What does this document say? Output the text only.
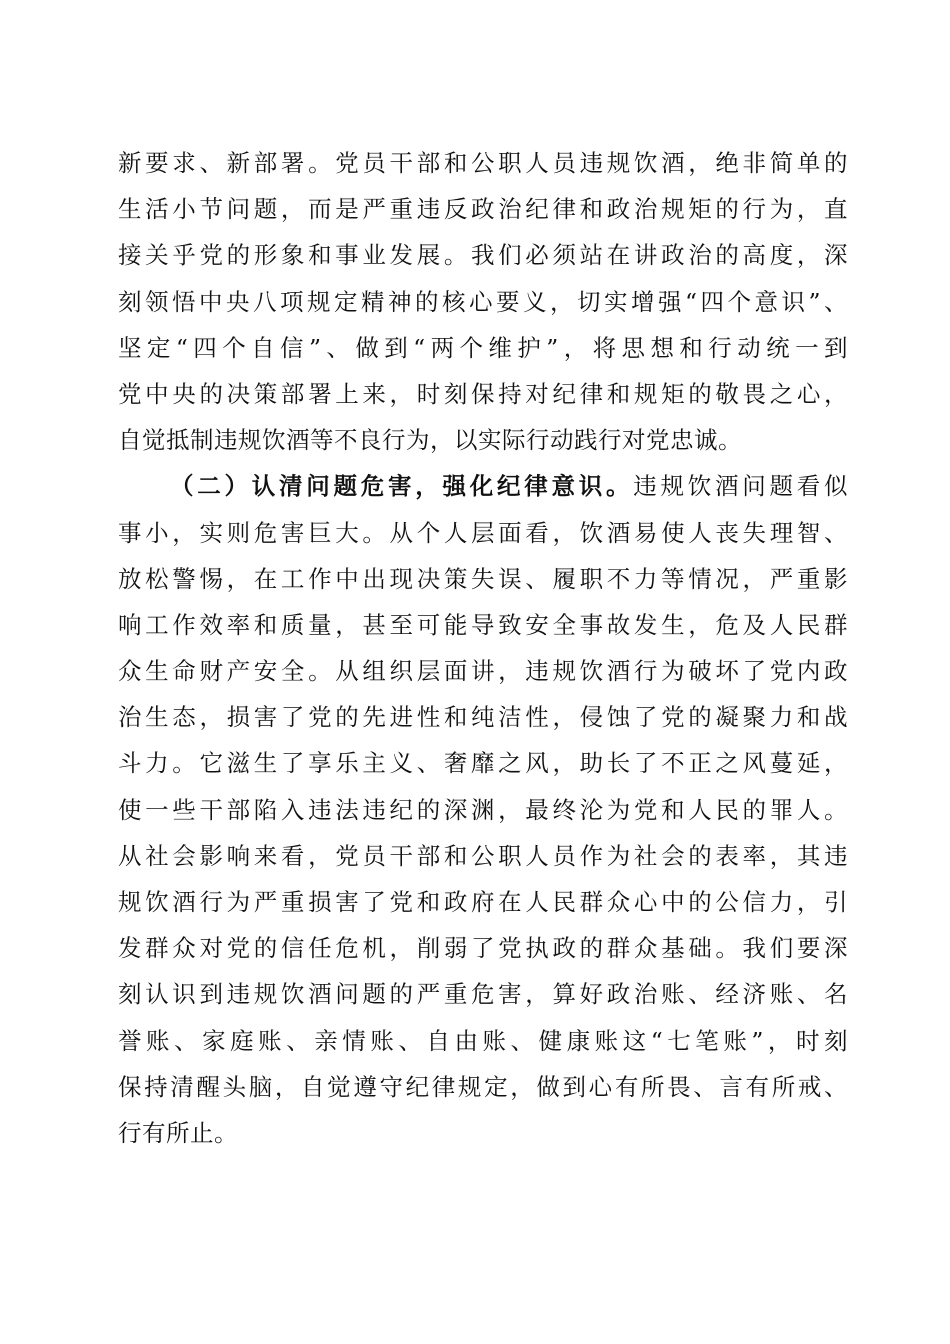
新要求、新部署。党员干部和公职人员违规饮酒，绝非简单的
生活小节问题，而是严重违反政治纪律和政治规矩的行为，直
接关乎党的形象和事业发展。我们必须站在讲政治的高度，深
刻领悟中央八项规定精神的核心要义，切实增强“四个意识”、
坚定“四个自信”、做到“两个维护”，将思想和行动统一到
党中央的决策部署上来，时刻保持对纪律和规矩的敬畏之心，
自觉抵制违规饮酒等不良行为，以实际行动践行对党忠诚。
（二）认清问题危害，强化纪律意识。违规饮酒问题看似
事小，实则危害巨大。从个人层面看，饮酒易使人丧失理智、
放松警惕，在工作中出现决策失误、履职不力等情况，严重影
响工作效率和质量，甚至可能导致安全事故发生，危及人民群
众生命财产安全。从组织层面讲，违规饮酒行为破坏了党内政
治生态，损害了党的先进性和纯洁性，侵蚀了党的凝聚力和战
斗力。它滋生了享乐主义、奢靡之风，助长了不正之风蔓延，
使一些干部陷入违法违纪的深渊，最终沦为党和人民的罪人。
从社会影响来看，党员干部和公职人员作为社会的表率，其违
规饮酒行为严重损害了党和政府在人民群众心中的公信力，引
发群众对党的信任危机，削弱了党执政的群众基础。我们要深
刻认识到违规饮酒问题的严重危害，算好政治账、经济账、名
誉账、家庭账、亲情账、自由账、健康账这“七笔账”，时刻
保持清醒头脑，自觉遵守纪律规定，做到心有所畏、言有所戒、
行有所止。
